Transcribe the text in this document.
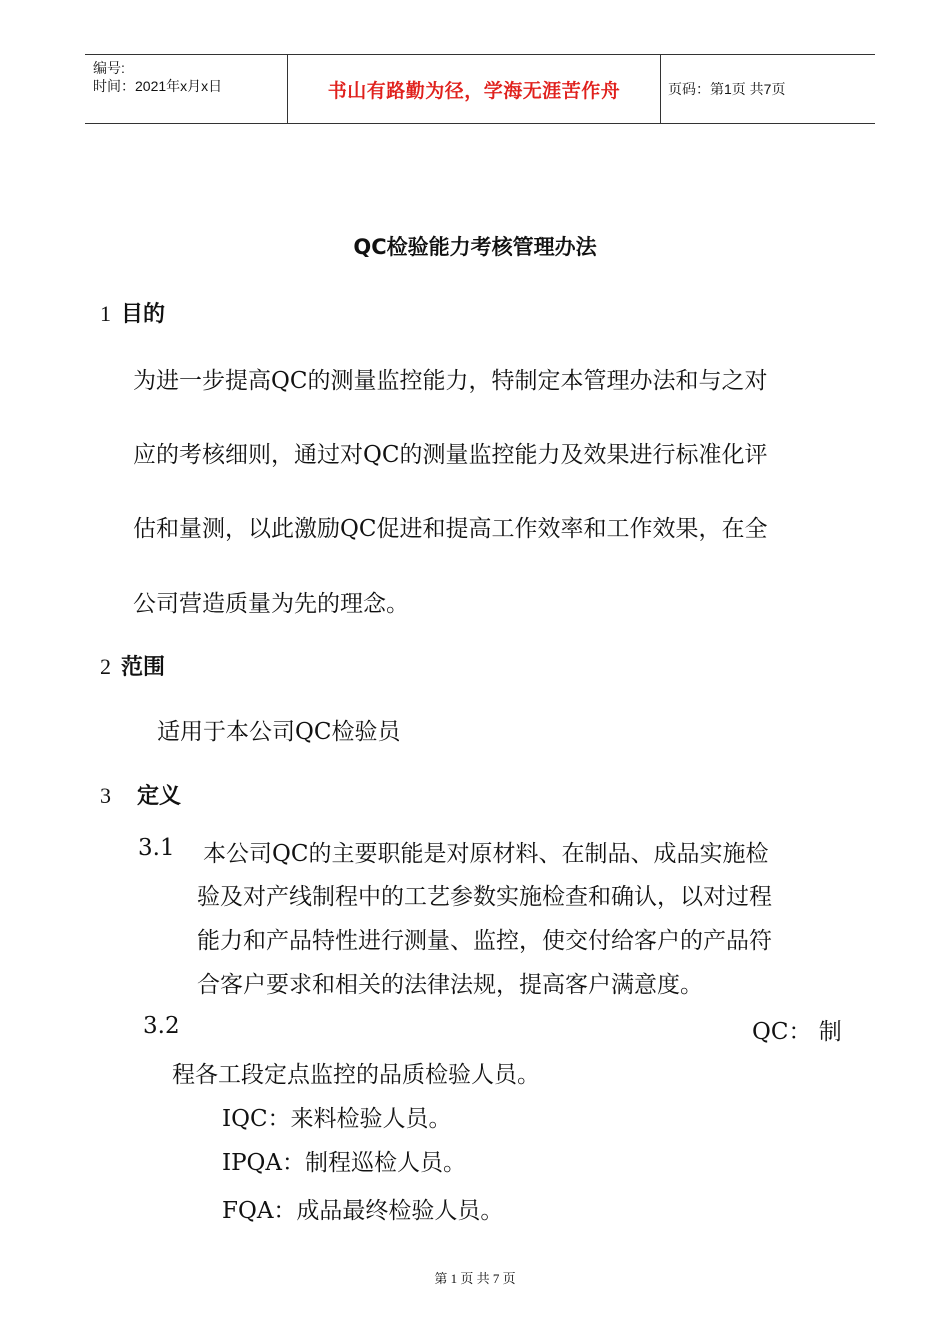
编号:
时间：2021年x月x日	书山有路勤为径，学海无涯苦作舟	页码：第1页 共7页
QC检验能力考核管理办法
1 目的
为进一步提高QC的测量监控能力，特制定本管理办法和与之对
应的考核细则，通过对QC的测量监控能力及效果进行标准化评
估和量测，以此激励QC促进和提高工作效率和工作效果，在全
公司营造质量为先的理念。
2 范围
适用于本公司QC检验员
3 定义
3.1 本公司QC的主要职能是对原材料、在制品、成品实施检
验及对产线制程中的工艺参数实施检查和确认，以对过程
能力和产品特性进行测量、监控，使交付给客户的产品符
合客户要求和相关的法律法规，提高客户满意度。
3.2	QC： 制
程各工段定点监控的品质检验人员。
IQC：来料检验人员。
IPQA：制程巡检人员。
FQA：成品最终检验人员。
第 1 页 共 7 页
